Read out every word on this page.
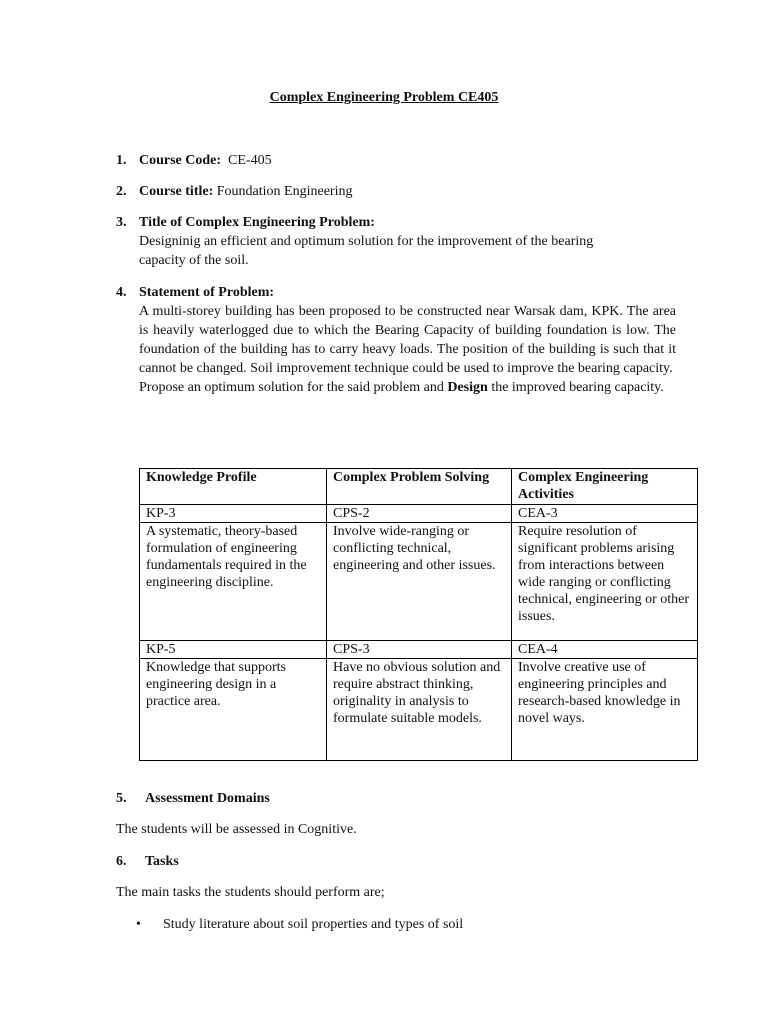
Complex Engineering Problem CE405
1. Course Code: CE-405
2. Course title: Foundation Engineering
3. Title of Complex Engineering Problem:
Designinig an efficient and optimum solution for the improvement of the bearing
capacity of the soil.
4. Statement of Problem:
A multi-storey building has been proposed to be constructed near Warsak dam, KPK. The area is heavily waterlogged due to which the Bearing Capacity of building foundation is low. The foundation of the building has to carry heavy loads. The position of the building is such that it cannot be changed. Soil improvement technique could be used to improve the bearing capacity.
Propose an optimum solution for the said problem and Design the improved bearing capacity.
Knowledge Profile	Complex Problem Solving	Complex Engineering Activities
KP-3	CPS-2	CEA-3
A systematic, theory-based formulation of engineering fundamentals required in the engineering discipline.	Involve wide-ranging or conflicting technical, engineering and other issues.	Require resolution of significant problems arising from interactions between wide ranging or conflicting technical, engineering or other issues.
KP-5	CPS-3	CEA-4
Knowledge that supports engineering design in a practice area.	Have no obvious solution and require abstract thinking, originality in analysis to formulate suitable models.	Involve creative use of engineering principles and research-based knowledge in novel ways.
5. Assessment Domains
The students will be assessed in Cognitive.
6. Tasks
The main tasks the students should perform are;
• Study literature about soil properties and types of soil
